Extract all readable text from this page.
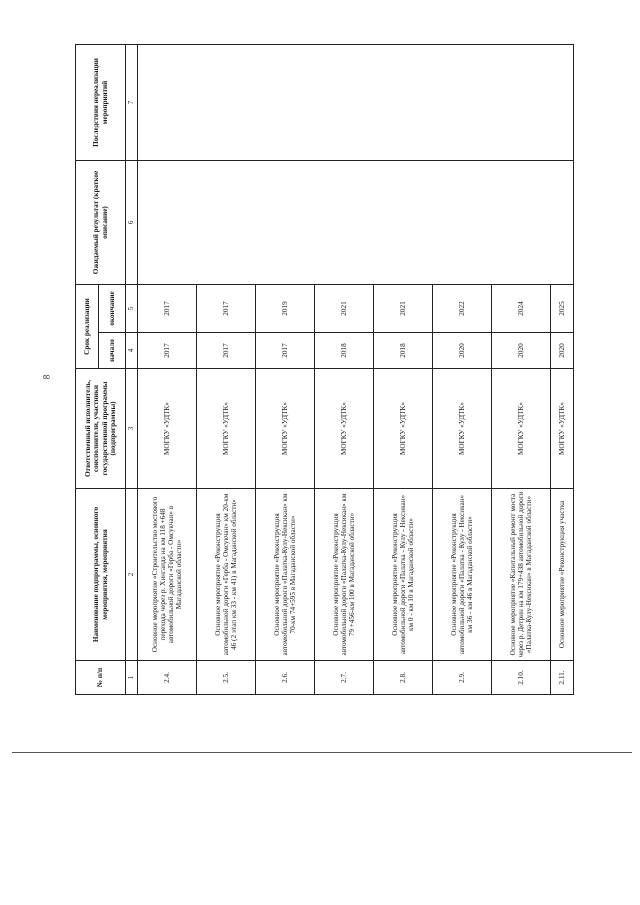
8
№ п/п	Наименование подпрограммы, основного мероприятия, мероприятия	Ответственный исполнитель, соисполнители, участники государственной программы (подпрограммы)	Срок реализации		Ожидаемый результат (краткое описание)	Последствия нереализации мероприятий
			начало	окончание		
1	2	3	4	5	6	7
2.4.	Основное мероприятие «Строительство мостового перехода через р. Хингаида на км 118 +648 автомобильной дороги «Герба - Омсукчан» в Магаданской области»	МОГКУ «УДТК»	2017	2017		
2.5.	Основное мероприятие «Реконструкция автомобильной дороги «Герба - Омсукчан» км 20-км 46 (2 этап км 33 - км 41) в Магаданской области»	МОГКУ «УДТК»	2017	2017		
2.6.	Основное мероприятие «Реконструкция автомобильной дороги «Палатка-Кулу-Нексикан» км 70-км 74+595 в Магаданской области»	МОГКУ «УДТК»	2017	2019		
2.7.	Основное мероприятие «Реконструкция автомобильной дороги «Палатка-Кулу-Нексикан» км 79 +456-км 100 в Магаданской области»	МОГКУ «УДТК»	2018	2021		
2.8.	Основное мероприятие «Реконструкция автомобильной дороги «Палатка - Кулу - Нексикан» км 0 - км 10 в Магаданской области»	МОГКУ «УДТК»	2018	2021		
2.9.	Основное мероприятие «Реконструкция автомобильной дороги «Палатка - Кулу - Нексикан» км 36 - км 46 в Магаданской области»	МОГКУ «УДТК»	2020	2022		
2.10.	Основное мероприятие «Капитальный ремонт моста через р. Детрин на км 179+438 автомобильной дороги «Палатка-Кулу-Нексикан» в Магаданской области»	МОГКУ «УДТК»	2020	2024		
2.11.	Основное мероприятие «Реконструкция участка	МОГКУ «УДТК»	2020	2025		
